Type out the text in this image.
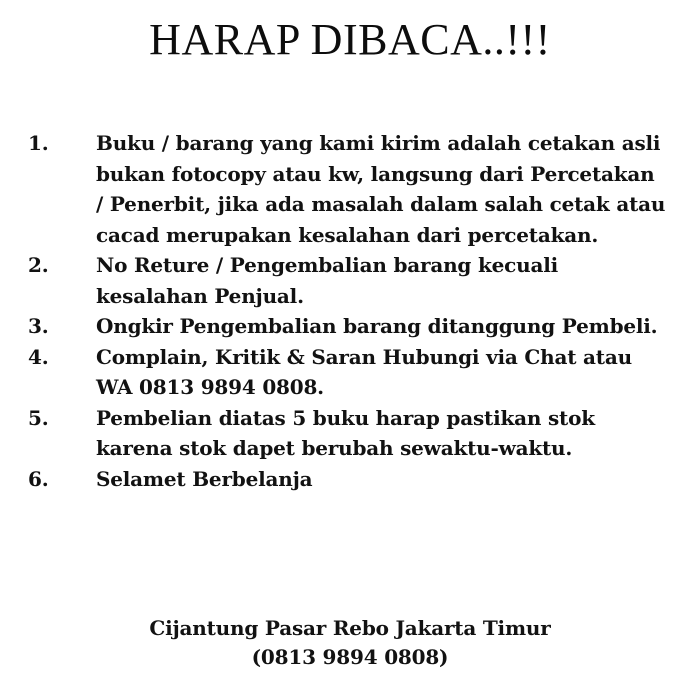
HARAP DIBACA..!!!
1.	Buku / barang yang kami kirim adalah cetakan asli
bukan fotocopy atau kw, langsung dari Percetakan
/ Penerbit, jika ada masalah dalam salah cetak atau
cacad merupakan kesalahan dari percetakan.
2.	No Reture / Pengembalian barang kecuali
kesalahan Penjual.
3.	Ongkir Pengembalian barang ditanggung Pembeli.
4.	Complain, Kritik & Saran Hubungi via Chat atau
WA 0813 9894 0808.
5.	Pembelian diatas 5 buku harap pastikan stok
karena stok dapet berubah sewaktu-waktu.
6.	Selamet Berbelanja
Cijantung Pasar Rebo Jakarta Timur
(0813 9894 0808)
